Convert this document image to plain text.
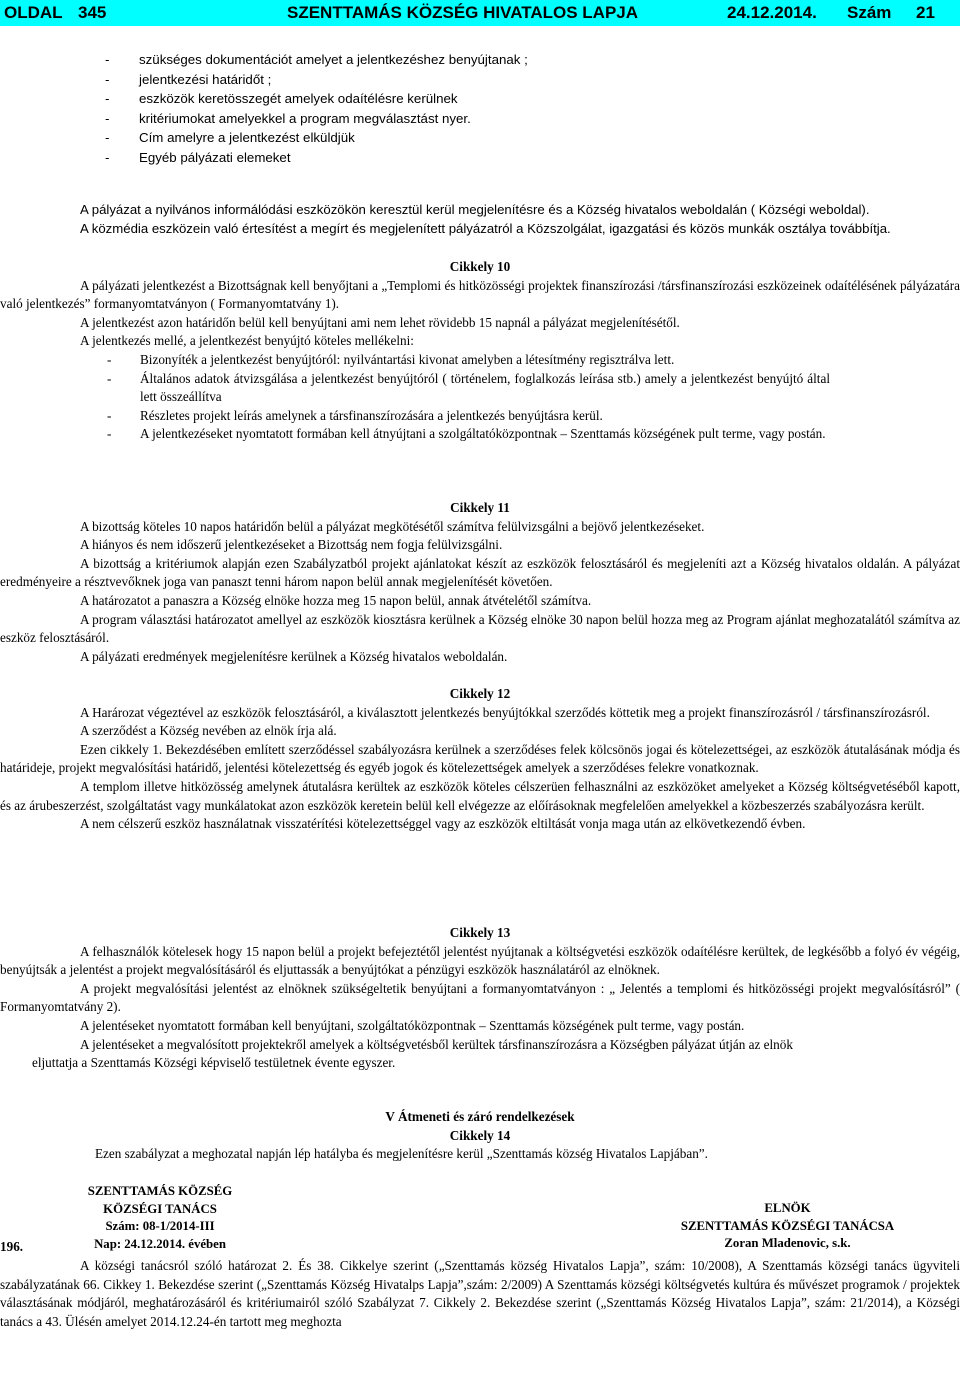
OLDAL 345	SZENTTAMÁS KÖZSÉG HIVATALOS LAPJA	24.12.2014. Szám 21
- szükséges dokumentációt amelyet a jelentkezéshez benyújtanak ;
- jelentkezési határidőt ;
- eszközök keretösszegét amelyek odaítélésre kerülnek
- kritériumokat amelyekkel a program megválasztást nyer.
- Cím amelyre a jelentkezést elküldjük
- Egyéb pályázati elemeket

A pályázat a nyilvános informálódási eszközökön keresztül kerül megjelenítésre és a Község hivatalos weboldalán ( Községi weboldal).

A közmédia eszközein való értesítést a megírt és megjelenített pályázatról a Közszolgálat, igazgatási és közös munkák osztálya továbbítja.

Cikkely 10

A pályázati jelentkezést a Bizottságnak kell benyőjtani a „Templomi és hitközösségi projektek finanszírozási /társfinanszírozási eszközeinek odaítélésének pályázatára való jelentkezés” formanyomtatványon ( Formanyomtatvány 1).

A jelentkezést azon határidőn belül kell benyújtani ami nem lehet rövidebb 15 napnál a pályázat megjelenítésétől.

A jelentkezés mellé, a jelentkezést benyújtó köteles mellékelni:

- Bizonyíték a jelentkezést benyújtóról: nyilvántartási kivonat amelyben a létesítmény regisztrálva lett.

- Általános adatok átvizsgálása a jelentkezést benyújtóról ( történelem, foglalkozás leírása stb.) amely a jelentkezést benyújtó által lett összeállítva

- Részletes projekt leírás amelynek a társfinanszírozására a jelentkezés benyújtásra kerül.

- A jelentkezéseket nyomtatott formában kell átnyújtani a szolgáltatóközpontnak – Szenttamás községének pult terme, vagy postán.

Cikkely 11

A bizottság köteles 10 napos határidőn belül a pályázat megkötésétől számítva felülvizsgálni a bejövő jelentkezéseket.

A hiányos és nem időszerű jelentkezéseket a Bizottság nem fogja felülvizsgálni.

A bizottság a kritériumok alapján ezen Szabályzatból projekt ajánlatokat készít az eszközök felosztásáról és megjeleníti azt a Község hivatalos oldalán. A pályázat eredményeire a résztvevőknek joga van panaszt tenni három napon belül annak megjelenítését követően.

A határozatot a panaszra a Község elnöke hozza meg 15 napon belül, annak átvételétől számítva.

A program választási határozatot amellyel az eszközök kiosztásra kerülnek a Község elnöke 30 napon belül hozza meg az Program ajánlat meghozatalától számítva az eszköz felosztásáról.

A pályázati eredmények megjelenítésre kerülnek a Község hivatalos weboldalán.

Cikkely 12

A Harározat végeztével az eszközök felosztásáról, a kiválasztott jelentkezés benyújtókkal szerződés köttetik meg a projekt finanszírozásról / társfinanszírozásról.

A szerződést a Község nevében az elnök írja alá.

Ezen cikkely 1. Bekezdésében említett szerződéssel szabályozásra kerülnek a szerződéses felek kölcsönös jogai és kötelezettségei, az eszközök átutalásának módja és határideje, projekt megvalósítási határidő, jelentési kötelezettség és egyéb jogok és kötelezettségek amelyek a szerződéses felekre vonatkoznak.

A templom illetve hitközösség amelynek átutalásra kerültek az eszközök köteles célszerüen felhasználni az eszközöket amelyeket a Község költségvetéséből kapott, és az árubeszerzést, szolgáltatást vagy munkálatokat azon eszközök keretein belül kell elvégezze az előírásoknak megfelelően amelyekkel a közbeszerzés szabályozásra került.

A nem célszerű eszköz használatnak visszatérítési kötelezettséggel vagy az eszközök eltiltását vonja maga után az elkövetkezendő évben.

Cikkely 13

A felhasználók kötelesek hogy 15 napon belül a projekt befejeztétől jelentést nyújtanak a költségvetési eszközök odaítélésre kerültek, de legkésőbb a folyó év végéig, benyújtsák a jelentést a projekt megvalósításáról és eljuttassák a benyújtókat a pénzügyi eszközök használatáról az elnöknek.

A projekt megvalósítási jelentést az elnöknek szükségeltetik benyújtani a formanyomtatványon : „ Jelentés a templomi és hitközösségi projekt megvalósításról” ( Formanyomtatvány 2).

A jelentéseket nyomtatott formában kell benyújtani, szolgáltatóközpontnak – Szenttamás községének pult terme, vagy postán.

A jelentéseket a megvalósított projektekről amelyek a költségvetésből kerültek társfinanszírozásra a Községben pályázat útján az elnök

eljuttatja a Szenttamás Községi képviselő testületnek évente egyszer.

V Átmeneti és záró rendelkezések

Cikkely 14

Ezen szabályzat a meghozatal napján lép hatályba és megjelenítésre kerül „Szenttamás község Hivatalos Lapjában”.

SZENTTAMÁS KÖZSÉG
KÖZSÉGI TANÁCS
Szám: 08-1/2014-III
Nap: 24.12.2014. évében
ELNÖK
SZENTTAMÁS KÖZSÉGI TANÁCSA
Zoran Mladenovic, s.k.

196.

A községi tanácsról szóló határozat 2. És 38. Cikkelye szerint („Szenttamás község Hivatalos Lapja”, szám: 10/2008), A Szenttamás községi tanács ügyviteli szabályzatának 66. Cikkey 1. Bekezdése szerint („Szenttamás Község Hivatalps Lapja”,szám: 2/2009) A Szenttamás községi költségvetés kultúra és művészet programok / projektek választásának módjáról, meghatározásáról és kritériumairól szóló Szabályzat 7. Cikkely 2. Bekezdése szerint („Szenttamás Község Hivatalos Lapja”, szám: 21/2014), a Községi tanács a 43. Ülésén amelyet 2014.12.24-én tartott meg meghozta
